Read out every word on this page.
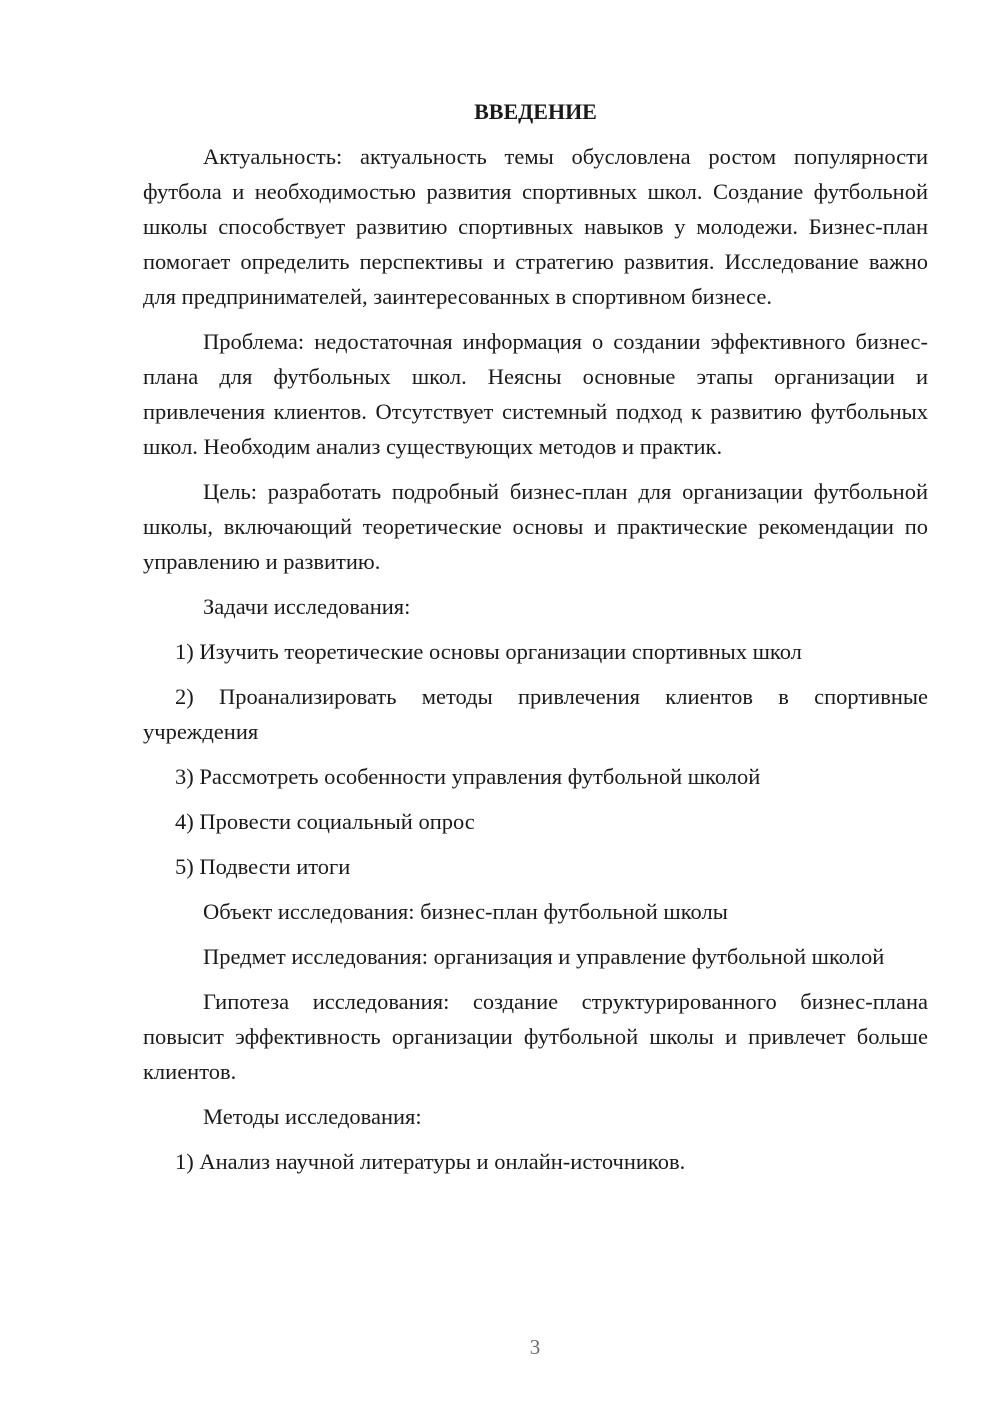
ВВЕДЕНИЕ

Актуальность: актуальность темы обусловлена ростом популярности футбола и необходимостью развития спортивных школ. Создание футбольной школы способствует развитию спортивных навыков у молодежи. Бизнес-план помогает определить перспективы и стратегию развития. Исследование важно для предпринимателей, заинтересованных в спортивном бизнесе.

Проблема: недостаточная информация о создании эффективного бизнес-плана для футбольных школ. Неясны основные этапы организации и привлечения клиентов. Отсутствует системный подход к развитию футбольных школ. Необходим анализ существующих методов и практик.

Цель: разработать подробный бизнес-план для организации футбольной школы, включающий теоретические основы и практические рекомендации по управлению и развитию.

Задачи исследования:

1) Изучить теоретические основы организации спортивных школ

2) Проанализировать методы привлечения клиентов в спортивные учреждения

3) Рассмотреть особенности управления футбольной школой

4) Провести социальный опрос

5) Подвести итоги

Объект исследования: бизнес-план футбольной школы

Предмет исследования: организация и управление футбольной школой

Гипотеза исследования: создание структурированного бизнес-плана повысит эффективность организации футбольной школы и привлечет больше клиентов.

Методы исследования:

1) Анализ научной литературы и онлайн-источников.

3
